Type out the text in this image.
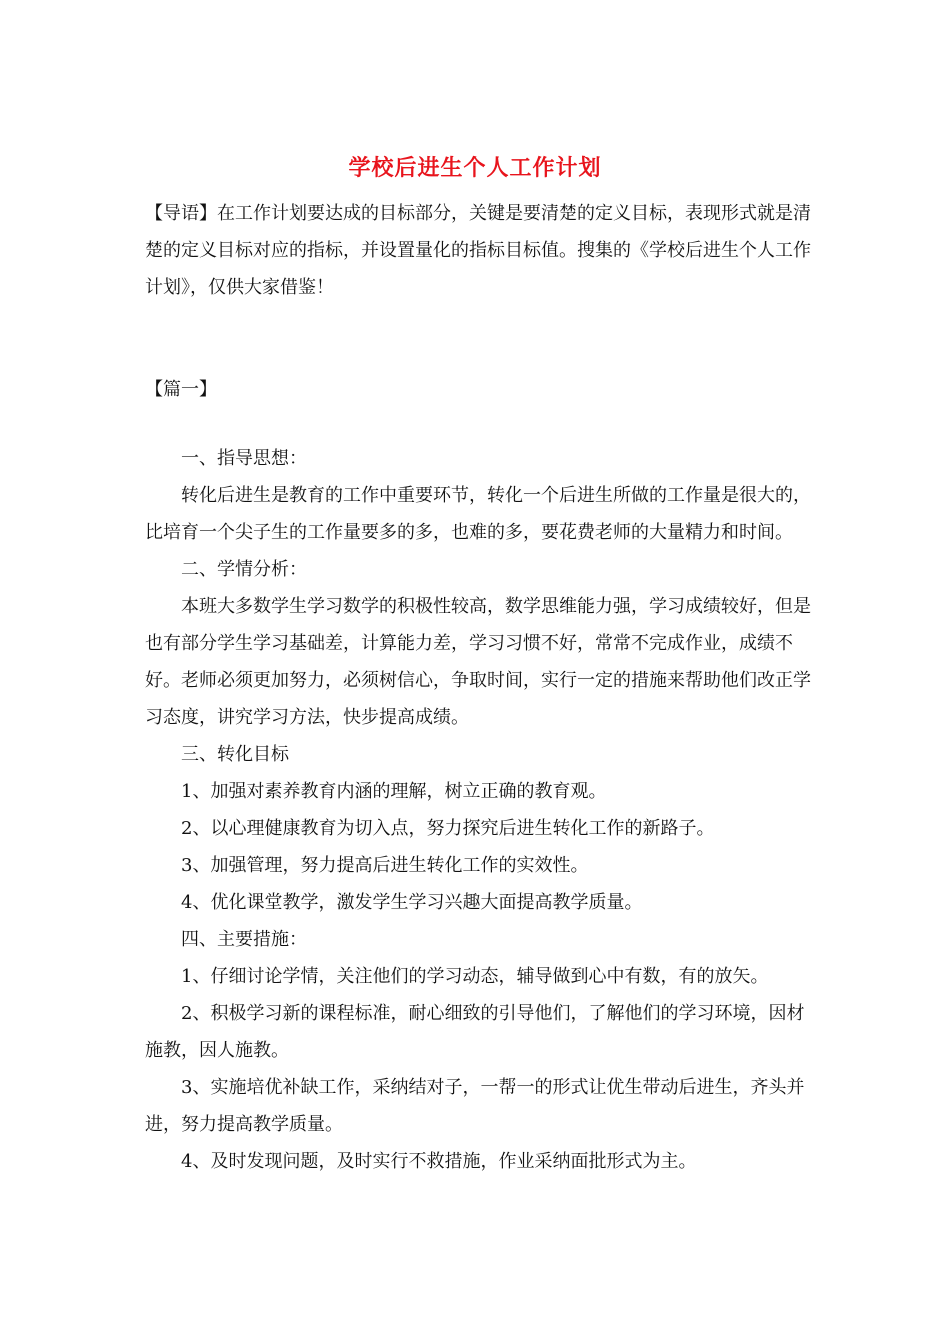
学校后进生个人工作计划

【导语】在工作计划要达成的目标部分，关键是要清楚的定义目标，表现形式就是清楚的定义目标对应的指标，并设置量化的指标目标值。搜集的《学校后进生个人工作计划》，仅供大家借鉴！

【篇一】

一、指导思想：

转化后进生是教育的工作中重要环节，转化一个后进生所做的工作量是很大的，比培育一个尖子生的工作量要多的多，也难的多，要花费老师的大量精力和时间。

二、学情分析：

本班大多数学生学习数学的积极性较高，数学思维能力强，学习成绩较好，但是也有部分学生学习基础差，计算能力差，学习习惯不好，常常不完成作业，成绩不好。老师必须更加努力，必须树信心，争取时间，实行一定的措施来帮助他们改正学习态度，讲究学习方法，快步提高成绩。

三、转化目标

1、加强对素养教育内涵的理解，树立正确的教育观。

2、以心理健康教育为切入点，努力探究后进生转化工作的新路子。

3、加强管理，努力提高后进生转化工作的实效性。

4、优化课堂教学，激发学生学习兴趣大面提高教学质量。

四、主要措施：

1、仔细讨论学情，关注他们的学习动态，辅导做到心中有数，有的放矢。

2、积极学习新的课程标准，耐心细致的引导他们，了解他们的学习环境，因材施教，因人施教。

3、实施培优补缺工作，采纳结对子，一帮一的形式让优生带动后进生，齐头并进，努力提高教学质量。

4、及时发现问题，及时实行不救措施，作业采纳面批形式为主。
